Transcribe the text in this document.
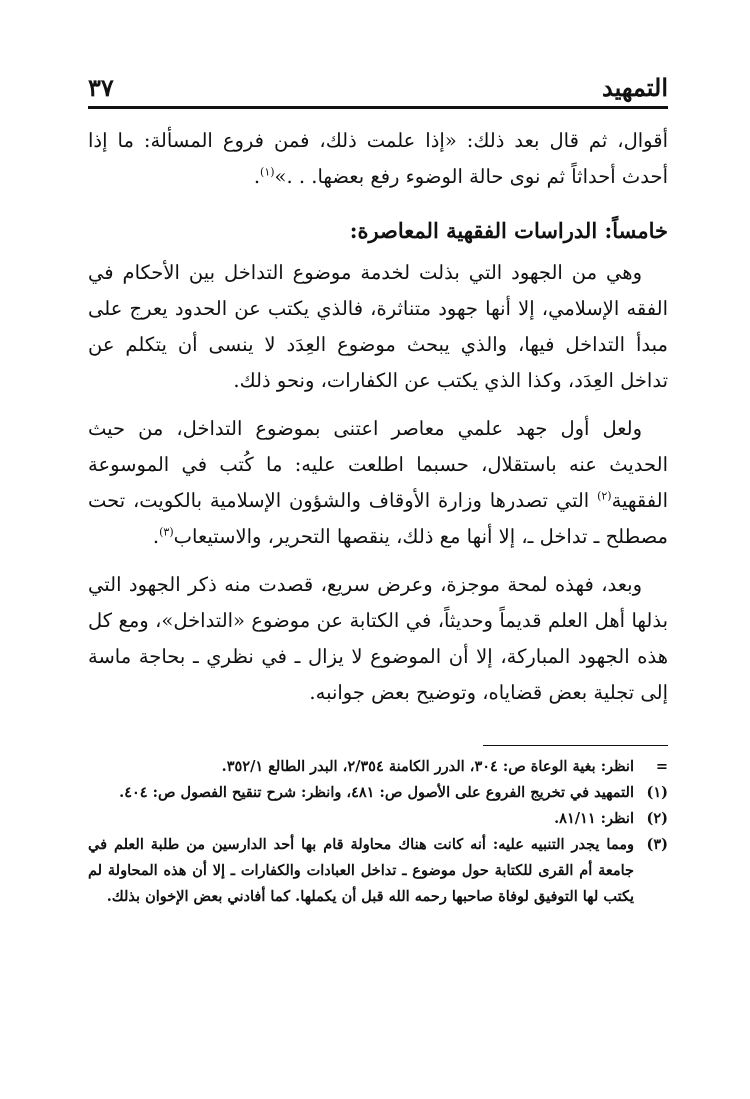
التمهيد
٣٧

أقوال، ثم قال بعد ذلك: «إذا علمت ذلك، فمن فروع المسألة: ما إذا أحدث أحداثاً ثم نوى حالة الوضوء رفع بعضها. . .»$^{(١)}$.

خامساً: الدراسات الفقهية المعاصرة:

وهي من الجهود التي بذلت لخدمة موضوع التداخل بين الأحكام في الفقه الإسلامي، إلا أنها جهود متناثرة، فالذي يكتب عن الحدود يعرج على مبدأ التداخل فيها، والذي يبحث موضوع العِدَد لا ينسى أن يتكلم عن تداخل العِدَد، وكذا الذي يكتب عن الكفارات، ونحو ذلك.

ولعل أول جهد علمي معاصر اعتنى بموضوع التداخل، من حيث الحديث عنه باستقلال، حسبما اطلعت عليه: ما كُتب في الموسوعة الفقهية$^{(٢)}$ التي تصدرها وزارة الأوقاف والشؤون الإسلامية بالكويت، تحت مصطلح ـ تداخل ـ، إلا أنها مع ذلك، ينقصها التحرير، والاستيعاب$^{(٣)}$.

وبعد، فهذه لمحة موجزة، وعرض سريع، قصدت منه ذكر الجهود التي بذلها أهل العلم قديماً وحديثاً، في الكتابة عن موضوع «التداخل»، ومع كل هذه الجهود المباركة، إلا أن الموضوع لا يزال ـ في نظري ـ بحاجة ماسة إلى تجلية بعض قضاياه، وتوضيح بعض جوانبه.

=
انظر: بغية الوعاة ص: ٣٠٤، الدرر الكامنة ٢/٣٥٤، البدر الطالع ٣٥٢/١.
(١)
التمهيد في تخريج الفروع على الأصول ص: ٤٨١، وانظر: شرح تنقيح الفصول ص: ٤٠٤.
(٢)
انظر: ٨١/١١.
(٣)
ومما يجدر التنبيه عليه: أنه كانت هناك محاولة قام بها أحد الدارسين من طلبة العلم في جامعة أم القرى للكتابة حول موضوع ـ تداخل العبادات والكفارات ـ إلا أن هذه المحاولة لم يكتب لها التوفيق لوفاة صاحبها رحمه الله قبل أن يكملها. كما أفادني بعض الإخوان بذلك.
